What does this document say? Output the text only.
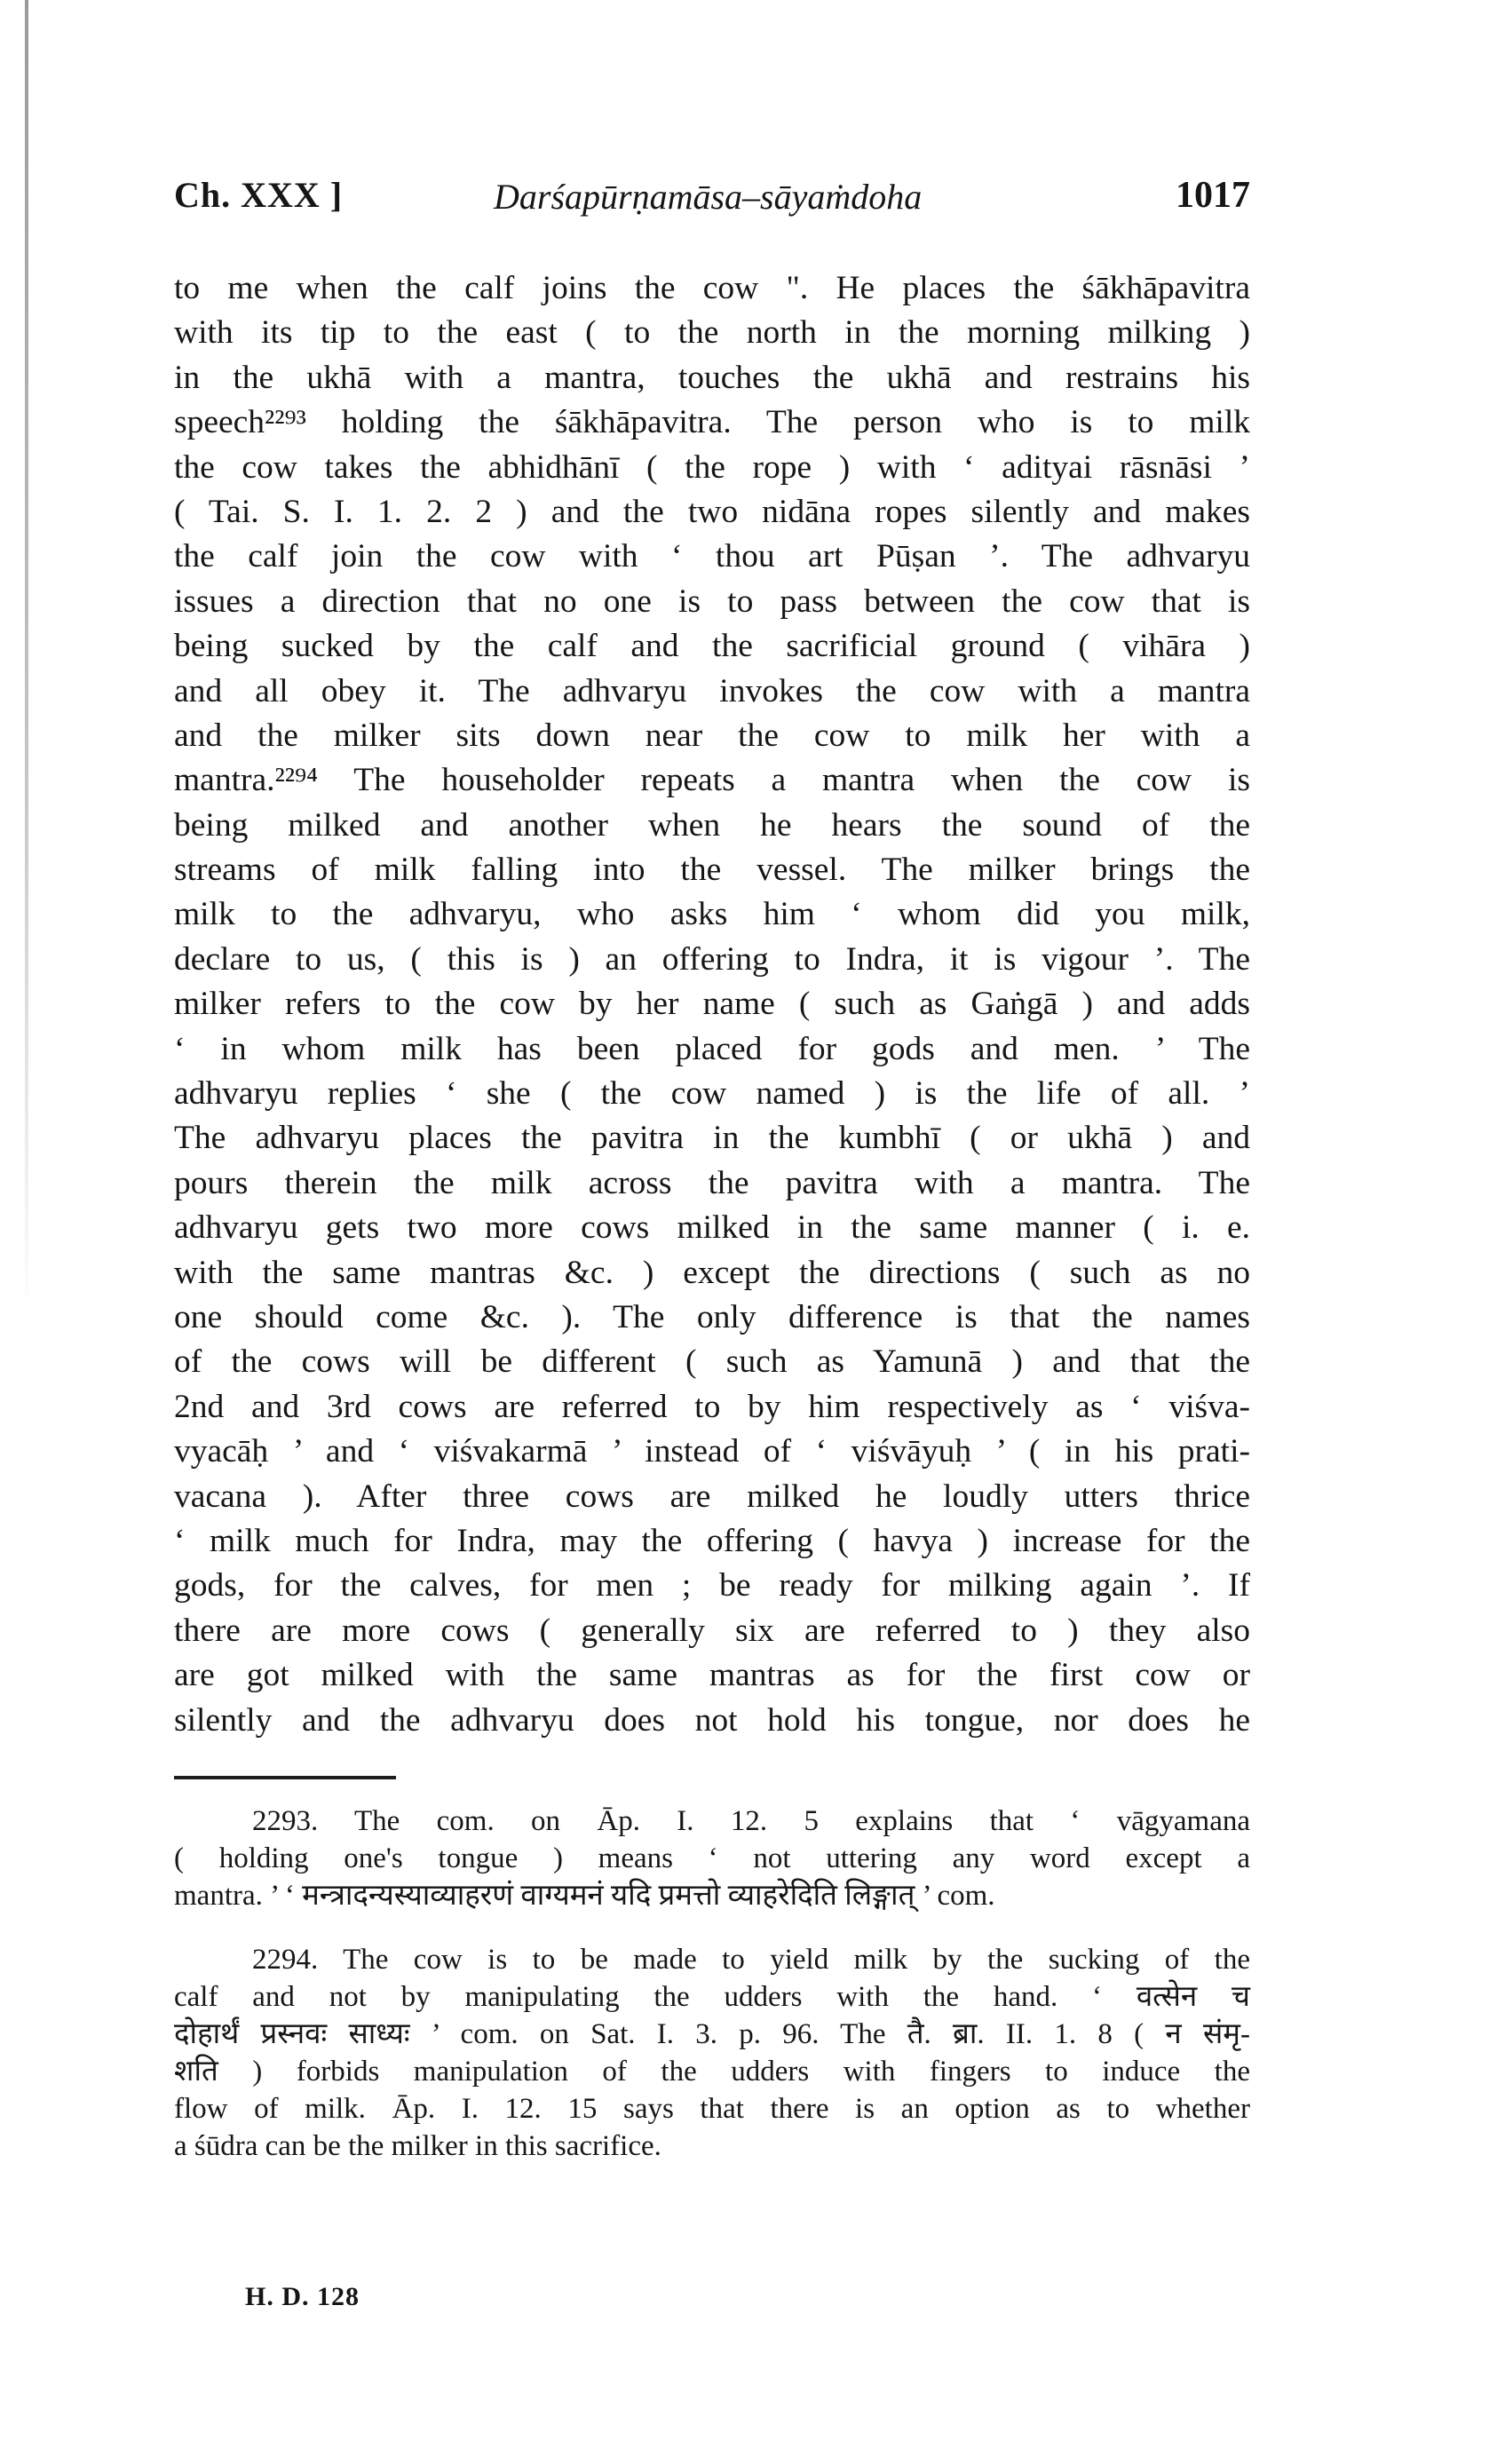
Ch. XXX ]	Darśapūrṇamāsa–sāyaṁdoha	1017
to me when the calf joins the cow ". He places the śākhāpavitra
with its tip to the east ( to the north in the morning milking )
in the ukhā with a mantra, touches the ukhā and restrains his
speech²²⁹³ holding the śākhāpavitra. The person who is to milk
the cow takes the abhidhānī ( the rope ) with ‘ adityai rāsnāsi ’
( Tai. S. I. 1. 2. 2 ) and the two nidāna ropes silently and makes
the calf join the cow with ‘ thou art Pūṣan ’. The adhvaryu
issues a direction that no one is to pass between the cow that is
being sucked by the calf and the sacrificial ground ( vihāra )
and all obey it. The adhvaryu invokes the cow with a mantra
and the milker sits down near the cow to milk her with a
mantra.²²⁹⁴ The householder repeats a mantra when the cow is
being milked and another when he hears the sound of the
streams of milk falling into the vessel. The milker brings the
milk to the adhvaryu, who asks him ‘ whom did you milk,
declare to us, ( this is ) an offering to Indra, it is vigour ’. The
milker refers to the cow by her name ( such as Gaṅgā ) and adds
‘ in whom milk has been placed for gods and men. ’ The
adhvaryu replies ‘ she ( the cow named ) is the life of all. ’
The adhvaryu places the pavitra in the kumbhī ( or ukhā ) and
pours therein the milk across the pavitra with a mantra. The
adhvaryu gets two more cows milked in the same manner ( i. e.
with the same mantras &c. ) except the directions ( such as no
one should come &c. ). The only difference is that the names
of the cows will be different ( such as Yamunā ) and that the
2nd and 3rd cows are referred to by him respectively as ‘ viśva-
vyacāḥ ’ and ‘ viśvakarmā ’ instead of ‘ viśvāyuḥ ’ ( in his prati-
vacana ). After three cows are milked he loudly utters thrice
‘ milk much for Indra, may the offering ( havya ) increase for the
gods, for the calves, for men ; be ready for milking again ’. If
there are more cows ( generally six are referred to ) they also
are got milked with the same mantras as for the first cow or
silently and the adhvaryu does not hold his tongue, nor does he
2293. The com. on Āp. I. 12. 5 explains that ‘ vāgyamana
( holding one's tongue ) means ‘ not uttering any word except a
mantra. ’ ‘ मन्त्रादन्यस्याव्याहरणं वाग्यमनं यदि प्रमत्तो व्याहरेदिति लिङ्गात् ’ com.
2294. The cow is to be made to yield milk by the sucking of the
calf and not by manipulating the udders with the hand. ‘ वत्सेन च
दोहार्थं प्रस्नवः साध्यः ’ com. on Sat. I. 3. p. 96. The तै. ब्रा. II. 1. 8 ( न संमृ-
शति ) forbids manipulation of the udders with fingers to induce the
flow of milk. Āp. I. 12. 15 says that there is an option as to whether
a śūdra can be the milker in this sacrifice.
H. D. 128
